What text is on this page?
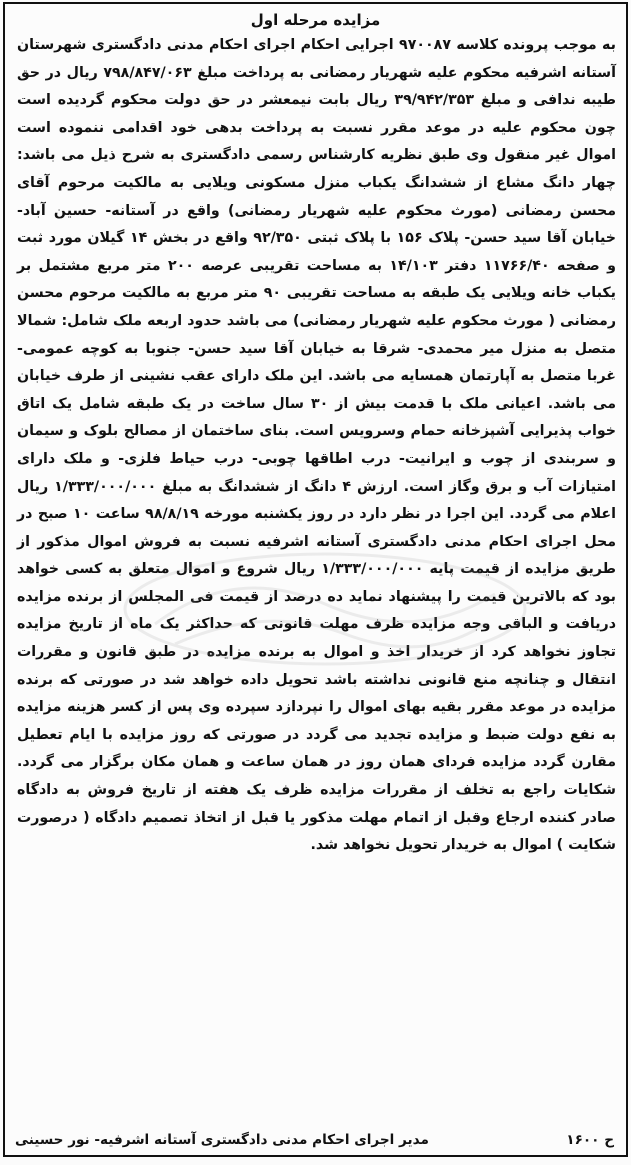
مزایده مرحله اول

به موجب پرونده کلاسه ۹۷۰۰۸۷ اجرایی احکام اجرای احکام مدنی دادگستری شهرستان آستانه اشرفیه محکوم علیه شهریار رمضانی به پرداخت مبلغ ۷۹۸/۸۴۷/۰۶۳ ریال در حق طیبه ندافی و مبلغ ۳۹/۹۴۲/۳۵۳ ریال بابت نیمعشر در حق دولت محکوم گردیده است چون محکوم علیه در موعد مقرر نسبت به پرداخت بدهی خود اقدامی ننموده است اموال غیر منقول وی طبق نظریه کارشناس رسمی دادگستری به شرح ذیل می باشد: چهار دانگ مشاع از ششدانگ یکباب منزل مسکونی ویلایی به مالکیت مرحوم آقای محسن رمضانی (مورث محکوم علیه شهریار رمضانی) واقع در آستانه- حسین آباد- خیابان آقا سید حسن- پلاک ۱۵۶ با پلاک ثبتی ۹۲/۳۵۰ واقع در بخش ۱۴ گیلان مورد ثبت و صفحه ۱۱۷۶۶/۴۰ دفتر ۱۴/۱۰۳ به مساحت تقریبی عرصه ۲۰۰ متر مربع مشتمل بر یکباب خانه ویلایی یک طبقه به مساحت تقریبی ۹۰ متر مربع به مالکیت مرحوم محسن رمضانی ( مورث محکوم علیه شهریار رمضانی) می باشد حدود اربعه ملک شامل: شمالا متصل به منزل میر محمدی- شرقا به خیابان آقا سید حسن- جنوبا به کوچه عمومی- غربا متصل به آپارتمان همسایه می باشد. این ملک دارای عقب نشینی از طرف خیابان می باشد. اعیانی ملک با قدمت بیش از ۳۰ سال ساخت در یک طبقه شامل یک اتاق خواب پذیرایی آشپزخانه حمام وسرویس است. بنای ساختمان از مصالح بلوک و سیمان و سربندی از چوب و ایرانیت- درب اطاقها چوبی- درب حیاط فلزی- و ملک دارای امتیازات آب و برق وگاز است. ارزش ۴ دانگ از ششدانگ به مبلغ ۱/۳۳۳/۰۰۰/۰۰۰ ریال اعلام می گردد. این اجرا در نظر دارد در روز یکشنبه مورخه ۹۸/۸/۱۹ ساعت ۱۰ صبح در محل اجرای احکام مدنی دادگستری آستانه اشرفیه نسبت به فروش اموال مذکور از طریق مزایده از قیمت پایه ۱/۳۳۳/۰۰۰/۰۰۰ ریال شروع و اموال متعلق به کسی خواهد بود که بالاترین قیمت را پیشنهاد نماید ده درصد از قیمت فی المجلس از برنده مزایده دریافت و الباقی وجه مزایده ظرف مهلت قانونی که حداکثر یک ماه از تاریخ مزایده تجاوز نخواهد کرد از خریدار اخذ و اموال به برنده مزایده در طبق قانون و مقررات انتقال و چنانچه منع قانونی نداشته باشد تحویل داده خواهد شد در صورتی که برنده مزایده در موعد مقرر بقیه بهای اموال را نپردازد سپرده وی پس از کسر هزینه مزایده به نفع دولت ضبط و مزایده تجدید می گردد در صورتی که روز مزایده با ایام تعطیل مقارن گردد مزایده فردای همان روز در همان ساعت و همان مکان برگزار می گردد. شکایات راجع به تخلف از مقررات مزایده ظرف یک هفته از تاریخ فروش به دادگاه صادر کننده ارجاع وقبل از اتمام مهلت مذکور یا قبل از اتخاذ تصمیم دادگاه ( درصورت شکایت ) اموال به خریدار تحویل نخواهد شد.

ح ۱۶۰۰
مدیر اجرای احکام مدنی دادگستری آستانه اشرفیه- نور حسینی
